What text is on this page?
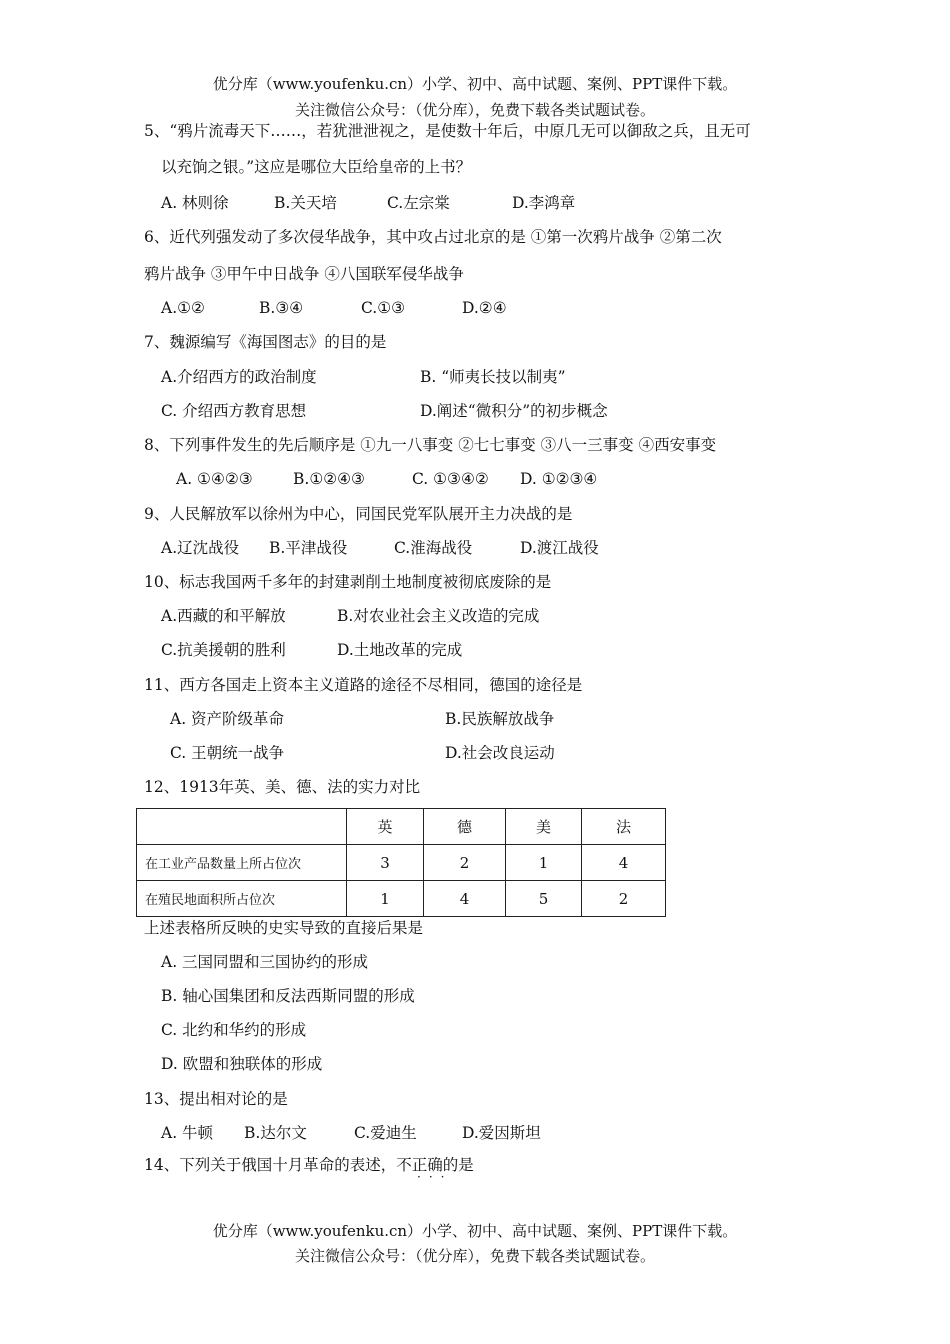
优分库（www.youfenku.cn）小学、初中、高中试题、案例、PPT课件下载。
关注微信公众号：（优分库），免费下载各类试题试卷。
5、“鸦片流毒天下……，若犹泄泄视之，是使数十年后，中原几无可以御敌之兵，且无可
以充饷之银。”这应是哪位大臣给皇帝的上书？
A. 林则徐	B.关天培	C.左宗棠	D.李鸿章
6、近代列强发动了多次侵华战争，其中攻占过北京的是 ①第一次鸦片战争 ②第二次
鸦片战争 ③甲午中日战争 ④八国联军侵华战争
A.①②	B.③④	C.①③	D.②④
7、魏源编写《海国图志》的目的是
A.介绍西方的政治制度	B. “师夷长技以制夷”
C. 介绍西方教育思想	D.阐述“微积分”的初步概念
8、下列事件发生的先后顺序是 ①九一八事变 ②七七事变 ③八一三事变 ④西安事变
A. ①④②③	B.①②④③	C. ①③④② D. ①②③④
9、人民解放军以徐州为中心，同国民党军队展开主力决战的是
A.辽沈战役 B.平津战役	C.淮海战役	D.渡江战役
10、标志我国两千多年的封建剥削土地制度被彻底废除的是
A.西藏的和平解放	B.对农业社会主义改造的完成
C.抗美援朝的胜利	D.土地改革的完成
11、西方各国走上资本主义道路的途径不尽相同，德国的途径是
A. 资产阶级革命	B.民族解放战争
C. 王朝统一战争	D.社会改良运动
12、1913年英、美、德、法的实力对比
	英	德	美	法
在工业产品数量上所占位次	3	2	1	4
在殖民地面积所占位次	1	4	5	2
上述表格所反映的史实导致的直接后果是
A. 三国同盟和三国协约的形成
B. 轴心国集团和反法西斯同盟的形成
C. 北约和华约的形成
D. 欧盟和独联体的形成
13、提出相对论的是
A. 牛顿 B.达尔文	C.爱迪生	D.爱因斯坦
14、下列关于俄国十月革命的表述，不正确的是
···
优分库（www.youfenku.cn）小学、初中、高中试题、案例、PPT课件下载。
关注微信公众号：（优分库），免费下载各类试题试卷。
